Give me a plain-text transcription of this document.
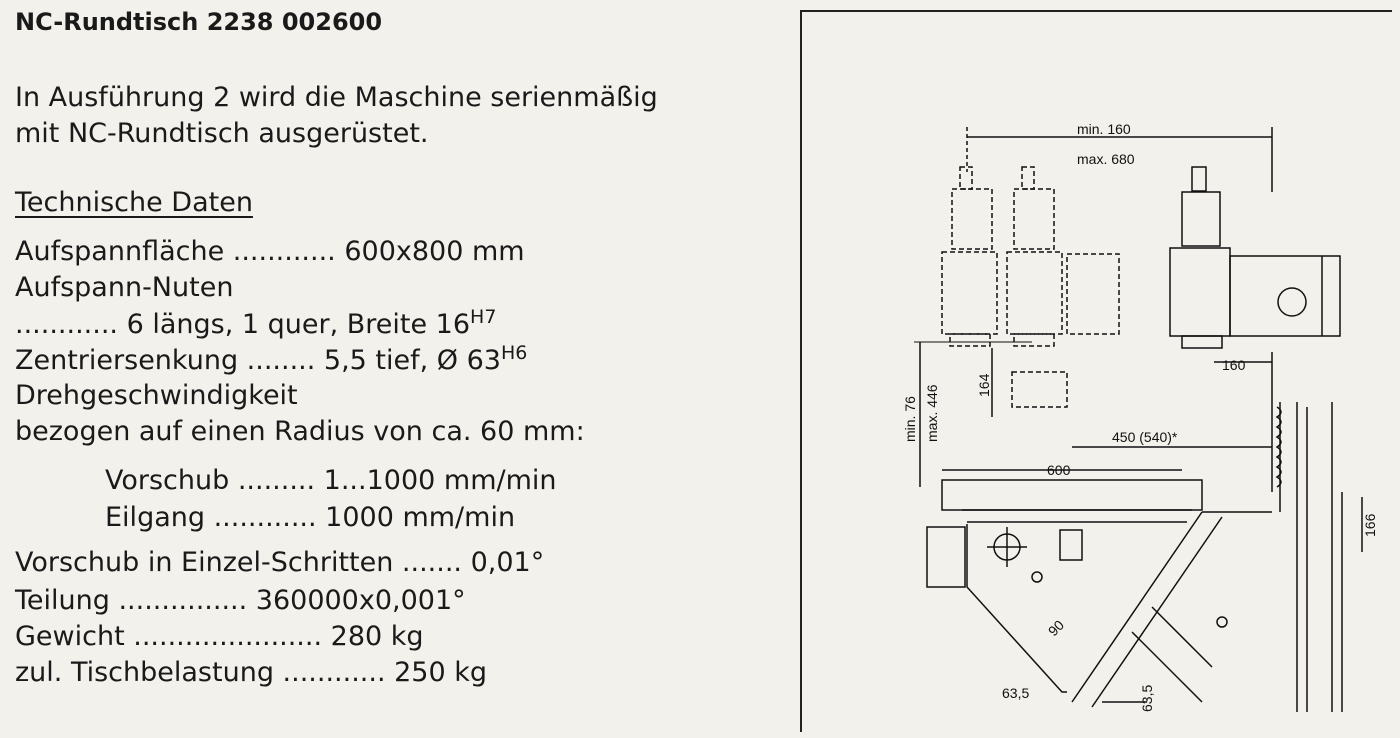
NC-Rundtisch 2238 002600
In Ausführung 2 wird die Maschine serienmäßig
mit NC-Rundtisch ausgerüstet.
Technische Daten
Aufspannfläche ............ 600x800 mm
Aufspann-Nuten
............ 6 längs, 1 quer, Breite $16^{H7}$
Zentriersenkung ........ 5,5 tief, Ø $63^{H6}$
Drehgeschwindigkeit
bezogen auf einen Radius von ca. 60 mm:
Vorschub ......... 1...1000 mm/min
Eilgang ............ 1000 mm/min
Vorschub in Einzel-Schritten ....... 0,01°
Teilung ............... 360000x0,001°
Gewicht ...................... 280 kg
zul. Tischbelastung ............ 250 kg
min. 160
max. 680
min. 76 max. 446	164
160
450 (540)*
600
166
90
63,5	63,5
